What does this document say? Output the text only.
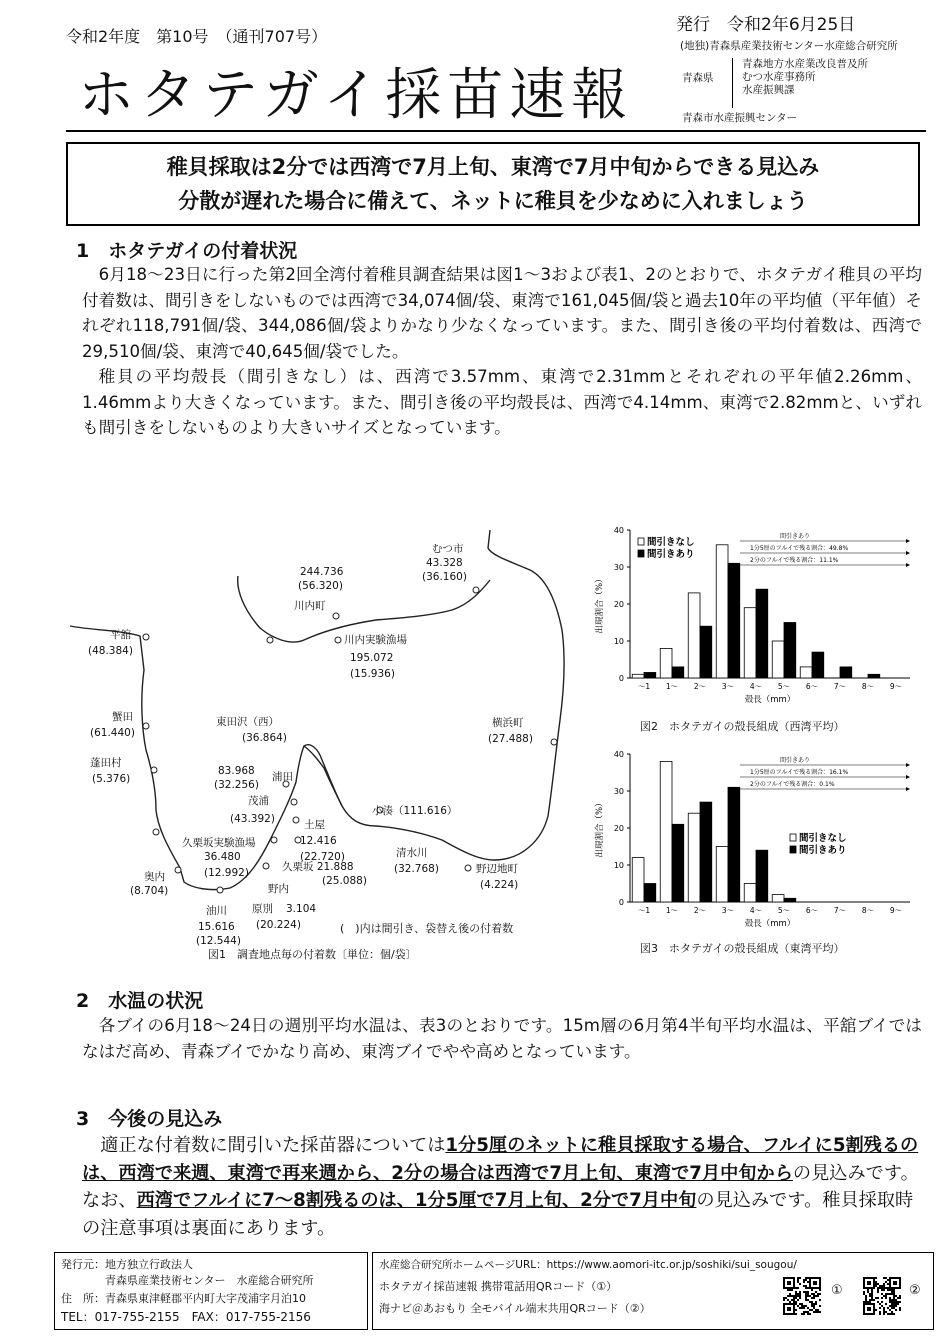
令和2年度　第10号　（通刊707号）
発行　令和2年6月25日
ホタテガイ採苗速報
(地独)青森県産業技術センター水産総合研究所
青森県
青森地方水産業改良普及所
むつ水産事務所
水産振興課
青森市水産振興センター
稚貝採取は2分では西湾で7月上旬、東湾で7月中旬からできる見込み
分散が遅れた場合に備えて、ネットに稚貝を少なめに入れましょう
1　ホタテガイの付着状況

6月18～23日に行った第2回全湾付着稚貝調査結果は図1～3および表1、2のとおりで、ホタテガイ稚貝の平均付着数は、間引きをしないものでは西湾で34,074個/袋、東湾で161,045個/袋と過去10年の平均値（平年値）それぞれ118,791個/袋、344,086個/袋よりかなり少なくなっています。また、間引き後の平均付着数は、西湾で29,510個/袋、東湾で40,645個/袋でした。

稚貝の平均殻長（間引きなし）は、西湾で3.57mm、東湾で2.31mmとそれぞれの平年値2.26mm、1.46mmより大きくなっています。また、間引き後の平均殻長は、西湾で4.14mm、東湾で2.82mmと、いずれも間引きをしないものより大きいサイズとなっています。

244.736
(56.320)
川内町
むつ市
43.328
(36.160)
平舘
(48.384)
川内実験漁場
195.072
(15.936)
蟹田
(61.440)
東田沢（西）
(36.864)
横浜町
(27.488)
蓬田村
(5.376)
83.968
(32.256)
浦田
茂浦
(43.392)	土屋
12.416
(22.720)
小湊（111.616）
久栗坂実験漁場
36.480
(12.992)	久栗坂 21.888
(25.088)
清水川
(32.768)	野辺地町
(4.224)
奥内
(8.704)	野内
3.104
原別
(20.224)
油川
15.616
(12.544)
(　)内は間引き、袋替え後の付着数
図1　調査地点毎の付着数〔単位：個/袋〕
0
10
20
30
40
～1 1～ 2～ 3～ 4～ 5～ 6～ 7～ 8～ 9～
殻長（mm）
出現割合（%）
間引きなし
間引きあり
間引きあり
1分5厘のフルイで残る割合：49.8%
2分のフルイで残る割合：11.1%
図2　ホタテガイの殻長組成（西湾平均）
0
10
20
30
40
～1 1～ 2～ 3～ 4～ 5～ 6～ 7～ 8～ 9～
殻長（mm）
出現割合（%）	間引きなし
間引きあり
間引きあり
1分5厘のフルイで残る割合：16.1%
2分のフルイで残る割合：0.1%
図3　ホタテガイの殻長組成（東湾平均）
2　水温の状況

各ブイの6月18～24日の週別平均水温は、表3のとおりです。15m層の6月第4半旬平均水温は、平舘ブイではなはだ高め、青森ブイでかなり高め、東湾ブイでやや高めとなっています。

3　今後の見込み

適正な付着数に間引いた採苗器については1分5厘のネットに稚貝採取する場合、フルイに5割残るのは、西湾で来週、東湾で再来週から、2分の場合は西湾で7月上旬、東湾で7月中旬からの見込みです。なお、西湾でフルイに7～8割残るのは、1分5厘で7月上旬、2分で7月中旬の見込みです。稚貝採取時の注意事項は裏面にあります。

発行元：地方独立行政法人
青森県産業技術センター　水産総合研究所
住　所：青森県東津軽郡平内町大字茂浦字月泊10
TEL：017-755-2155　FAX：017-755-2156
水産総合研究所ホームページURL：https://www.aomori-itc.or.jp/soshiki/sui_sougou/
ホタテガイ採苗速報 携帯電話用QRコード（①）
海ナビ＠あおもり 全モバイル端末共用QRコード（②）
①	②
